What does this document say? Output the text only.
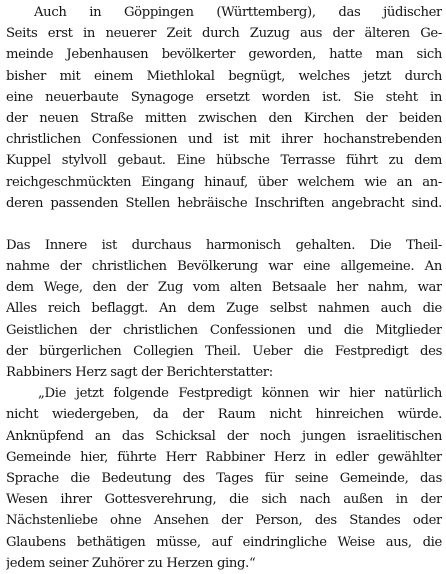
Auch in Göppingen (Württemberg), das jüdischer
Seits erst in neuerer Zeit durch Zuzug aus der älteren Ge-
meinde Jebenhausen bevölkerter geworden, hatte man sich
bisher mit einem Miethlokal begnügt, welches jetzt durch
eine neuerbaute Synagoge ersetzt worden ist. Sie steht in
der neuen Straße mitten zwischen den Kirchen der beiden
christlichen Confessionen und ist mit ihrer hochanstrebenden
Kuppel stylvoll gebaut. Eine hübsche Terrasse führt zu dem
reichgeschmückten Eingang hinauf, über welchem wie an an-
deren passenden Stellen hebräische Inschriften angebracht sind.
Das Innere ist durchaus harmonisch gehalten. Die Theil-
nahme der christlichen Bevölkerung war eine allgemeine. An
dem Wege, den der Zug vom alten Betsaale her nahm, war
Alles reich beflaggt. An dem Zuge selbst nahmen auch die
Geistlichen der christlichen Confessionen und die Mitglieder
der bürgerlichen Collegien Theil. Ueber die Festpredigt des
Rabbiners Herz sagt der Berichterstatter:
„Die jetzt folgende Festpredigt können wir hier natürlich
nicht wiedergeben, da der Raum nicht hinreichen würde.
Anknüpfend an das Schicksal der noch jungen israelitischen
Gemeinde hier, führte Herr Rabbiner Herz in edler gewählter
Sprache die Bedeutung des Tages für seine Gemeinde, das
Wesen ihrer Gottesverehrung, die sich nach außen in der
Nächstenliebe ohne Ansehen der Person, des Standes oder
Glaubens bethätigen müsse, auf eindringliche Weise aus, die
jedem seiner Zuhörer zu Herzen ging.“
